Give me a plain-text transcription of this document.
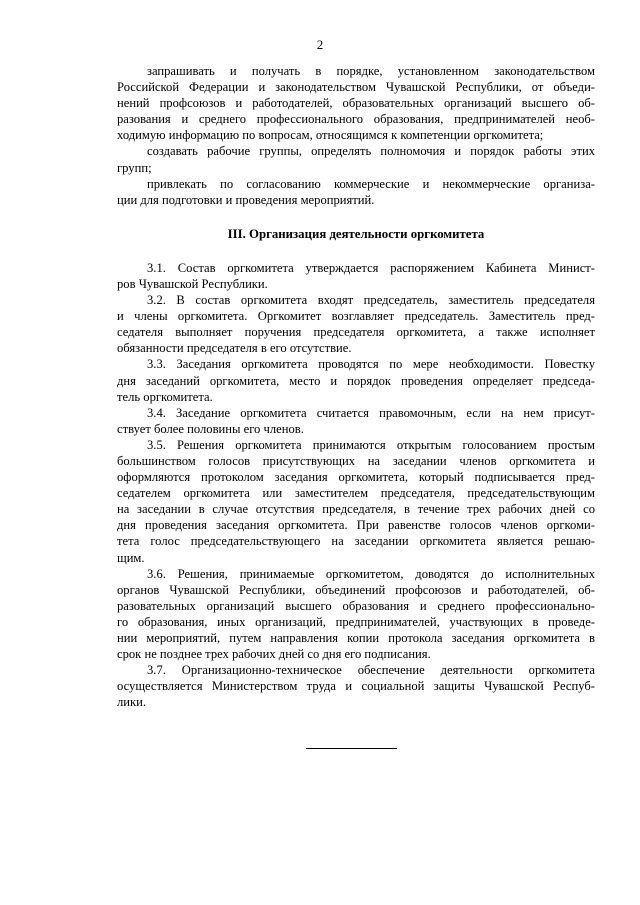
2
запрашивать и получать в порядке, установленном законодательством
Российской Федерации и законодательством Чувашской Республики, от объеди-
нений профсоюзов и работодателей, образовательных организаций высшего об-
разования и среднего профессионального образования, предпринимателей необ-
ходимую информацию по вопросам, относящимся к компетенции оргкомитета;
создавать рабочие группы, определять полномочия и порядок работы этих
групп;
привлекать по согласованию коммерческие и некоммерческие организа-
ции для подготовки и проведения мероприятий.
III. Организация деятельности оргкомитета
3.1. Состав оргкомитета утверждается распоряжением Кабинета Минист-
ров Чувашской Республики.
3.2. В состав оргкомитета входят председатель, заместитель председателя
и члены оргкомитета. Оргкомитет возглавляет председатель. Заместитель пред-
седателя выполняет поручения председателя оргкомитета, а также исполняет
обязанности председателя в его отсутствие.
3.3. Заседания оргкомитета проводятся по мере необходимости. Повестку
дня заседаний оргкомитета, место и порядок проведения определяет председа-
тель оргкомитета.
3.4. Заседание оргкомитета считается правомочным, если на нем присут-
ствует более половины его членов.
3.5. Решения оргкомитета принимаются открытым голосованием простым
большинством голосов присутствующих на заседании членов оргкомитета и
оформляются протоколом заседания оргкомитета, который подписывается пред-
седателем оргкомитета или заместителем председателя, председательствующим
на заседании в случае отсутствия председателя, в течение трех рабочих дней со
дня проведения заседания оргкомитета. При равенстве голосов членов оргкоми-
тета голос председательствующего на заседании оргкомитета является решаю-
щим.
3.6. Решения, принимаемые оргкомитетом, доводятся до исполнительных
органов Чувашской Республики, объединений профсоюзов и работодателей, об-
разовательных организаций высшего образования и среднего профессионально-
го образования, иных организаций, предпринимателей, участвующих в проведе-
нии мероприятий, путем направления копии протокола заседания оргкомитета в
срок не позднее трех рабочих дней со дня его подписания.
3.7. Организационно-техническое обеспечение деятельности оргкомитета
осуществляется Министерством труда и социальной защиты Чувашской Респуб-
лики.
